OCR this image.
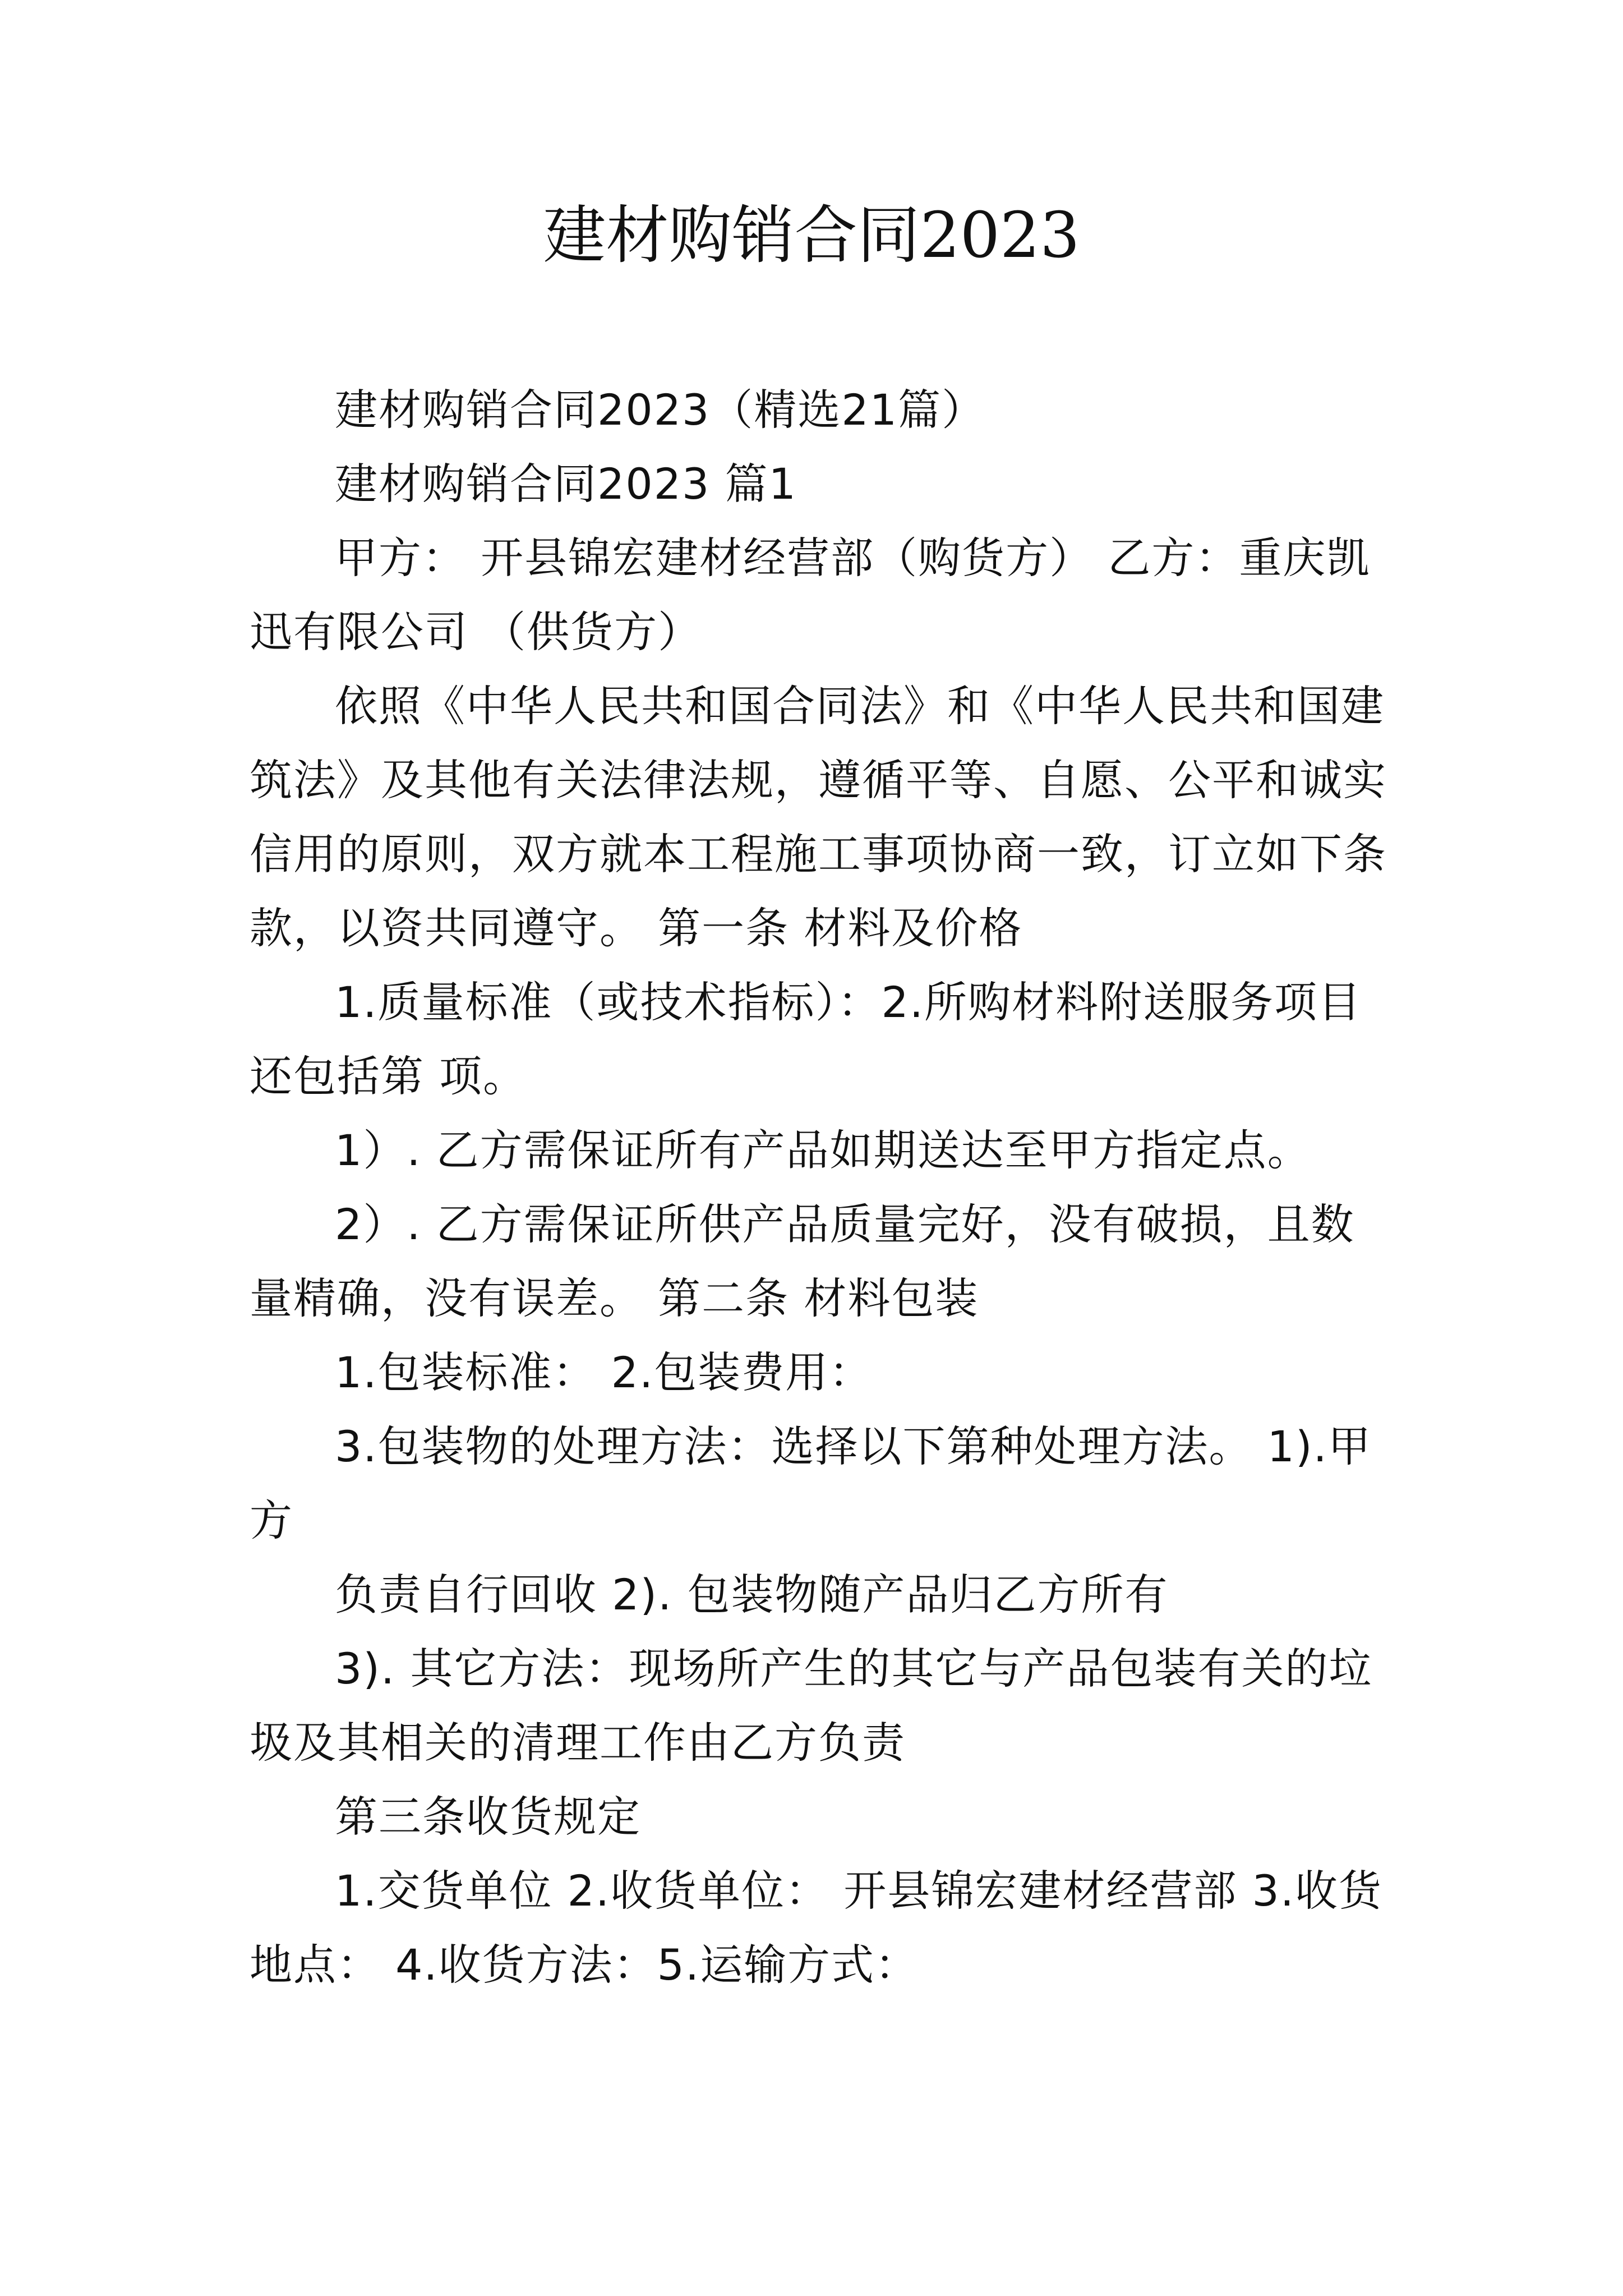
建材购销合同2023

建材购销合同2023（精选21篇）

建材购销合同2023 篇1

甲方： 开县锦宏建材经营部（购货方） 乙方：重庆凯迅有限公司 （供货方）

依照《中华人民共和国合同法》和《中华人民共和国建筑法》及其他有关法律法规，遵循平等、自愿、公平和诚实信用的原则，双方就本工程施工事项协商一致，订立如下条款，以资共同遵守。 第一条 材料及价格

1.质量标准（或技术指标）：2.所购材料附送服务项目还包括第 项。

1）. 乙方需保证所有产品如期送达至甲方指定点。

2）. 乙方需保证所供产品质量完好，没有破损，且数量精确，没有误差。 第二条 材料包装

1.包装标准： 2.包装费用：

3.包装物的处理方法：选择以下第种处理方法。 1).甲方

负责自行回收 2). 包装物随产品归乙方所有

3). 其它方法：现场所产生的其它与产品包装有关的垃圾及其相关的清理工作由乙方负责

第三条收货规定

1.交货单位 2.收货单位： 开县锦宏建材经营部 3.收货地点： 4.收货方法：5.运输方式：
